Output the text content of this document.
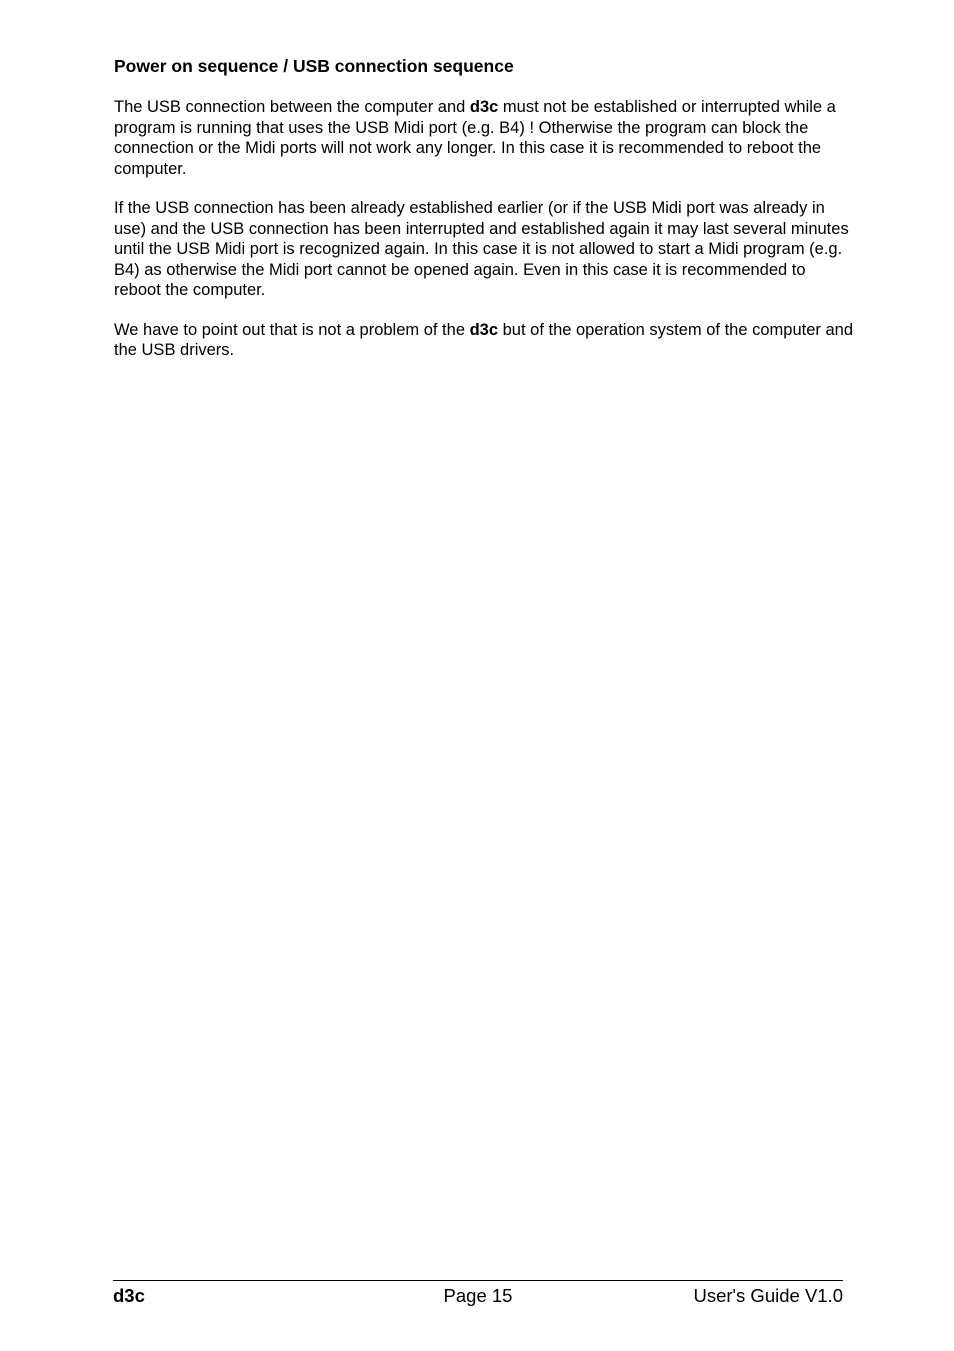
Power on sequence / USB connection sequence

The USB connection between the computer and d3c must not be established or interrupted while a program is running that uses the USB Midi port (e.g. B4) ! Otherwise the program can block the connection or the Midi ports will not work any longer. In this case it is recommended to reboot the computer.

If the USB connection has been already established earlier (or if the USB Midi port was already in use) and the USB connection has been interrupted and established again it may last several minutes until the USB Midi port is recognized again. In this case it is not allowed to start a Midi program (e.g. B4) as otherwise the Midi port cannot be opened again. Even in this case it is recommended to reboot the computer.

We have to point out that is not a problem of the d3c but of the operation system of the computer and the USB drivers.

Page 15
d3c	User's Guide V1.0
